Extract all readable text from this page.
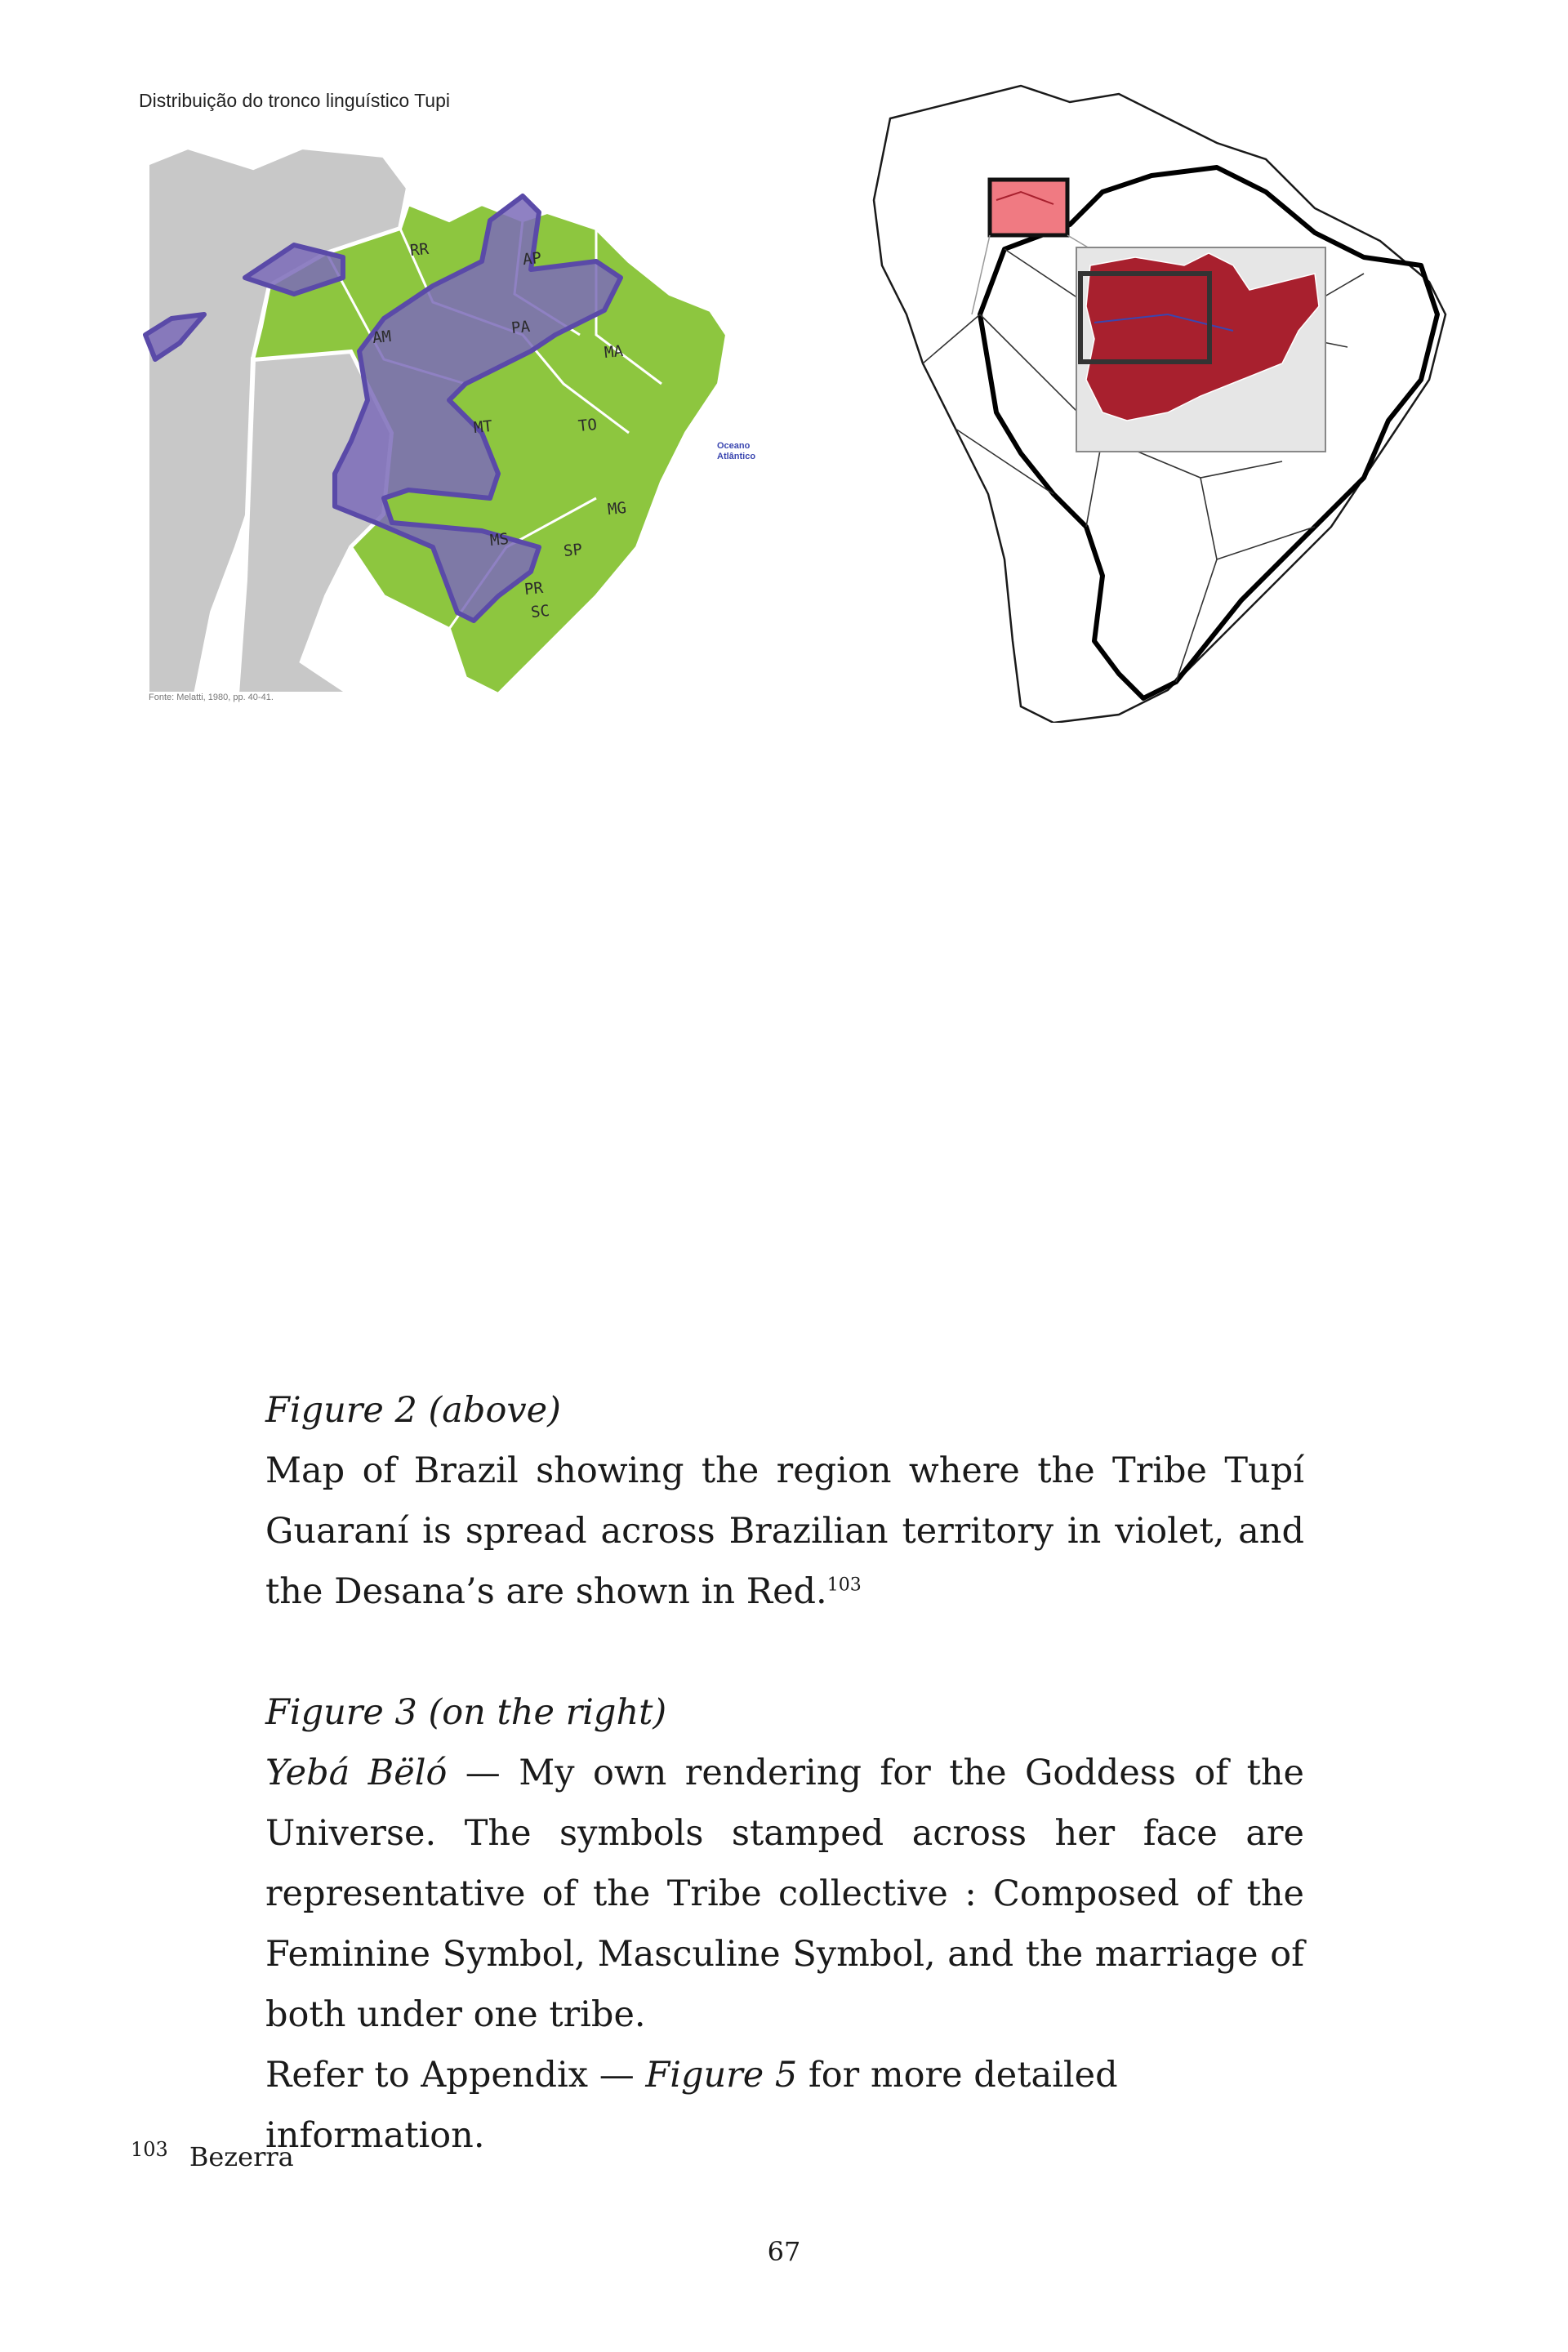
Distribuição do tronco linguístico Tupi
RR	AP
AM	PA
MA
MT	TO
MG
MS
SP
PR
SC
Oceano
Atlântico
Fonte: Melatti, 1980, pp. 40-41.
Figure 2 (above)
Map of Brazil showing the region where the Tribe Tupí Guaraní is spread across Brazilian territory in violet, and the Desana’s are shown in Red.$^{103}$
Figure 3 (on the right)
Yebá Bëló — My own rendering for the Goddess of the Universe. The symbols stamped across her face are representative of the Tribe collective : Composed of the Feminine Symbol, Masculine Symbol, and the marriage of both under one tribe.
Refer to Appendix — Figure 5 for more detailed information.
$^{103}$ Bezerra
67
